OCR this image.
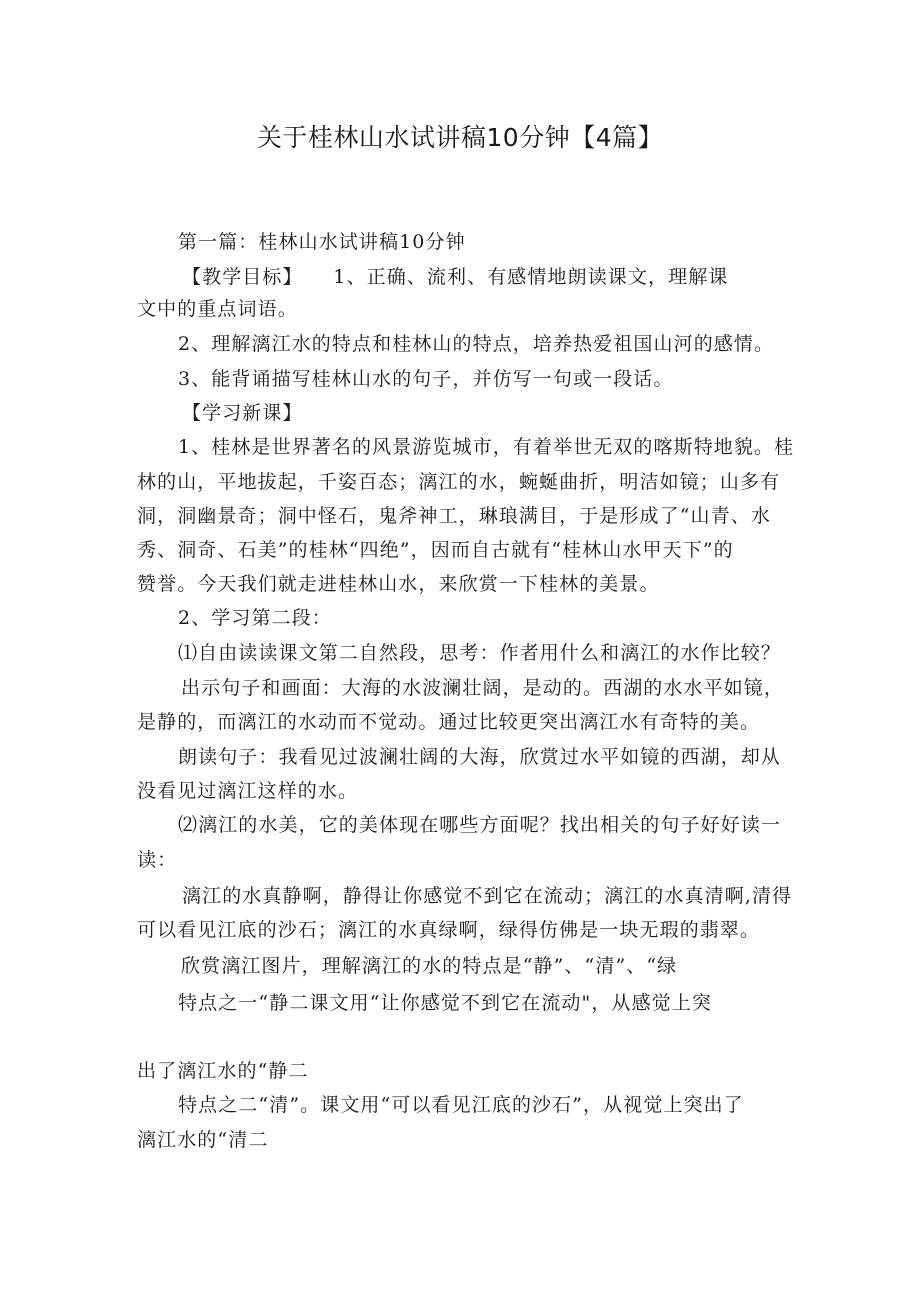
关于桂林山水试讲稿10分钟【4篇】
第一篇：桂林山水试讲稿10分钟
【教学目标】　　1、正确、流利、有感情地朗读课文，理解课
文中的重点词语。
2、理解漓江水的特点和桂林山的特点，培养热爱祖国山河的感情。
3、能背诵描写桂林山水的句子，并仿写一句或一段话。
【学习新课】
1、桂林是世界著名的风景游览城市，有着举世无双的喀斯特地貌。桂
林的山，平地拔起，千姿百态；漓江的水，蜿蜒曲折，明洁如镜；山多有
洞，洞幽景奇；洞中怪石，鬼斧神工，琳琅满目，于是形成了“山青、水
秀、洞奇、石美”的桂林“四绝”，因而自古就有“桂林山水甲天下”的
赞誉。今天我们就走进桂林山水，来欣赏一下桂林的美景。
2、学习第二段：
⑴自由读读课文第二自然段，思考：作者用什么和漓江的水作比较？
出示句子和画面：大海的水波澜壮阔，是动的。西湖的水水平如镜，
是静的，而漓江的水动而不觉动。通过比较更突出漓江水有奇特的美。
朗读句子：我看见过波澜壮阔的大海，欣赏过水平如镜的西湖，却从
没看见过漓江这样的水。
⑵漓江的水美，它的美体现在哪些方面呢？找出相关的句子好好读一
读：
漓江的水真静啊，静得让你感觉不到它在流动；漓江的水真清啊,清得
可以看见江底的沙石；漓江的水真绿啊，绿得仿佛是一块无瑕的翡翠。
欣赏漓江图片，理解漓江的水的特点是“静”、“清”、“绿
特点之一“静二课文用“让你感觉不到它在流动"，从感觉上突
出了漓江水的“静二
特点之二“清”。课文用“可以看见江底的沙石”，从视觉上突出了
漓江水的“清二
